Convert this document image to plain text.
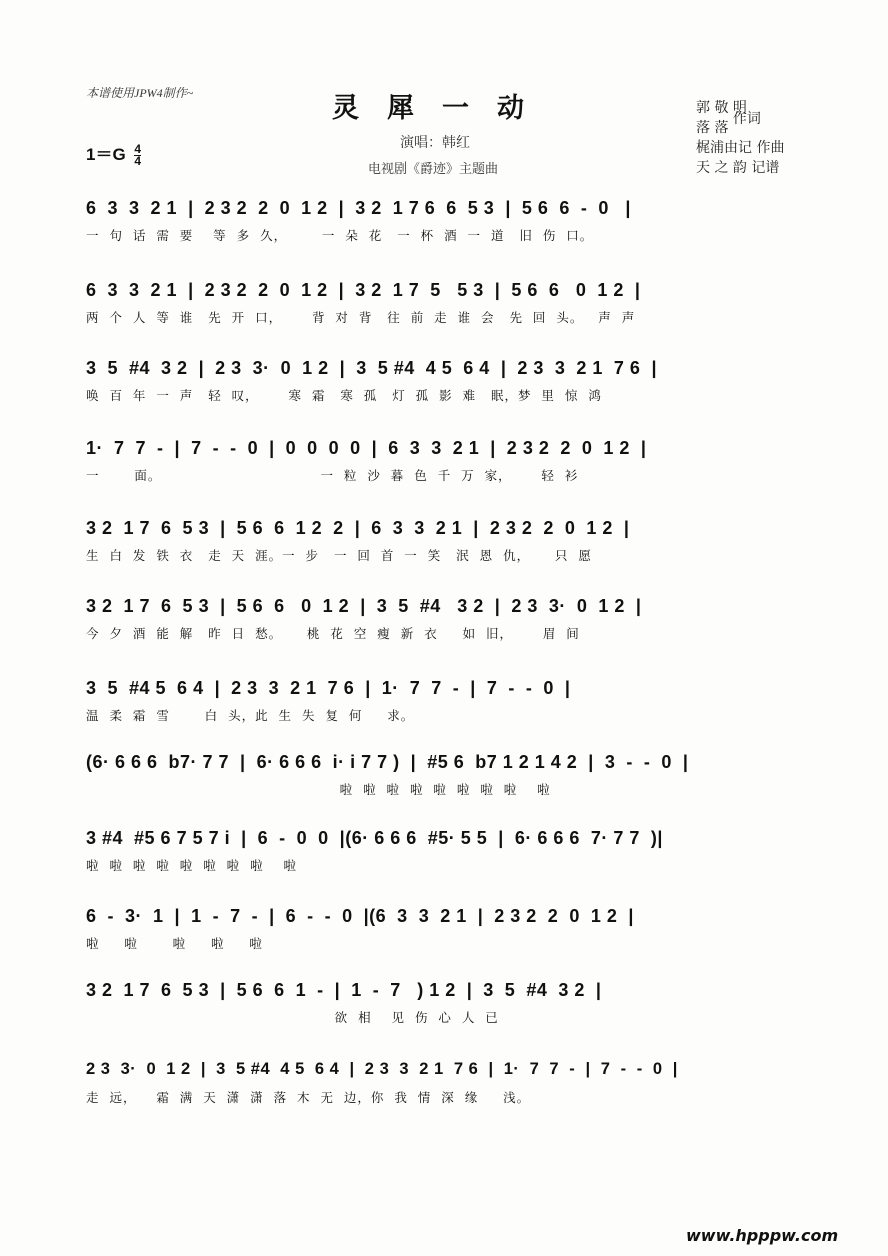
本谱使用JPW4制作~	灵犀一动
$1=G \frac{4}{4}$
演唱：韩红
电视剧《爵迹》主题曲
郭 敬 明
落 落 作词
梶浦由记 作曲
天 之 韵 记谱
6  3  3  2 1  |  2 3 2  2  0  1 2  |  3 2  1 7 6  6  5 3  |  5 6  6  -  0   |
一  句  话  需  要    等  多  久，       一  朵  花   一  杯  酒  一  道   旧  伤  口。
6  3  3  2 1  |  2 3 2  2  0  1 2  |  3 2  1 7  5   5 3  |  5 6  6   0  1 2  |
两  个  人  等  谁   先  开  口，      背  对  背   往  前  走  谁  会   先  回  头。   声  声
3  5  #4  3 2  |  2 3  3·  0  1 2  |  3  5 #4  4 5  6 4  |  2 3  3  2 1  7 6  |
唤  百  年  一  声   轻  叹，      寒  霜   寒  孤   灯  孤  影  难   眠，梦  里  惊  鸿
1·  7  7  -  |  7  -  -  0  |  0  0  0  0  |  6  3  3  2 1  |  2 3 2  2  0  1 2  |
一       面。                                一  粒  沙  暮  色  千  万  家，      轻  衫
3 2  1 7  6  5 3  |  5 6  6  1 2  2  |  6  3  3  2 1  |  2 3 2  2  0  1 2  |
生  白  发  铁  衣   走  天  涯。一  步   一  回  首  一  笑   泯  恩  仇，     只  愿
3 2  1 7  6  5 3  |  5 6  6   0  1 2  |  3  5  #4   3 2  |  2 3  3·  0  1 2  |
今  夕  酒  能  解   昨  日  愁。     桃  花  空  瘦  新  衣     如  旧，      眉  间
3  5  #4 5  6 4  |  2 3  3  2 1  7 6  |  1·  7  7  -  |  7  -  -  0  |
温  柔  霜  雪       白  头，此  生  失  复  何     求。
(6· 6 6 6  b7· 7 7  |  6· 6 6 6  i· i 7 7 )  |  #5 6  b7 1 2 1 4 2  |  3  -  -  0  |
啦  啦  啦  啦  啦  啦  啦  啦    啦
3 #4  #5 6 7 5 7 i  |  6  -  0  0  |(6· 6 6 6  #5· 5 5  |  6· 6 6 6  7· 7 7  )|
啦  啦  啦  啦  啦  啦  啦  啦    啦
6  -  3·  1  |  1  -  7  -  |  6  -  -  0  |(6  3  3  2 1  |  2 3 2  2  0  1 2  |
啦     啦       啦     啦     啦
3 2  1 7  6  5 3  |  5 6  6  1  -  |  1  -  7   ) 1 2  |  3  5  #4  3 2  |
欲  相    见  伤  心  人  已
2 3  3·  0  1 2  |  3  5 #4  4 5  6 4  |  2 3  3  2 1  7 6  |  1·  7  7  -  |  7  -  -  0  |
走  远，    霜  满  天  潇  潇  落  木  无  边，你  我  情  深  缘     浅。
www.hpppw.com
